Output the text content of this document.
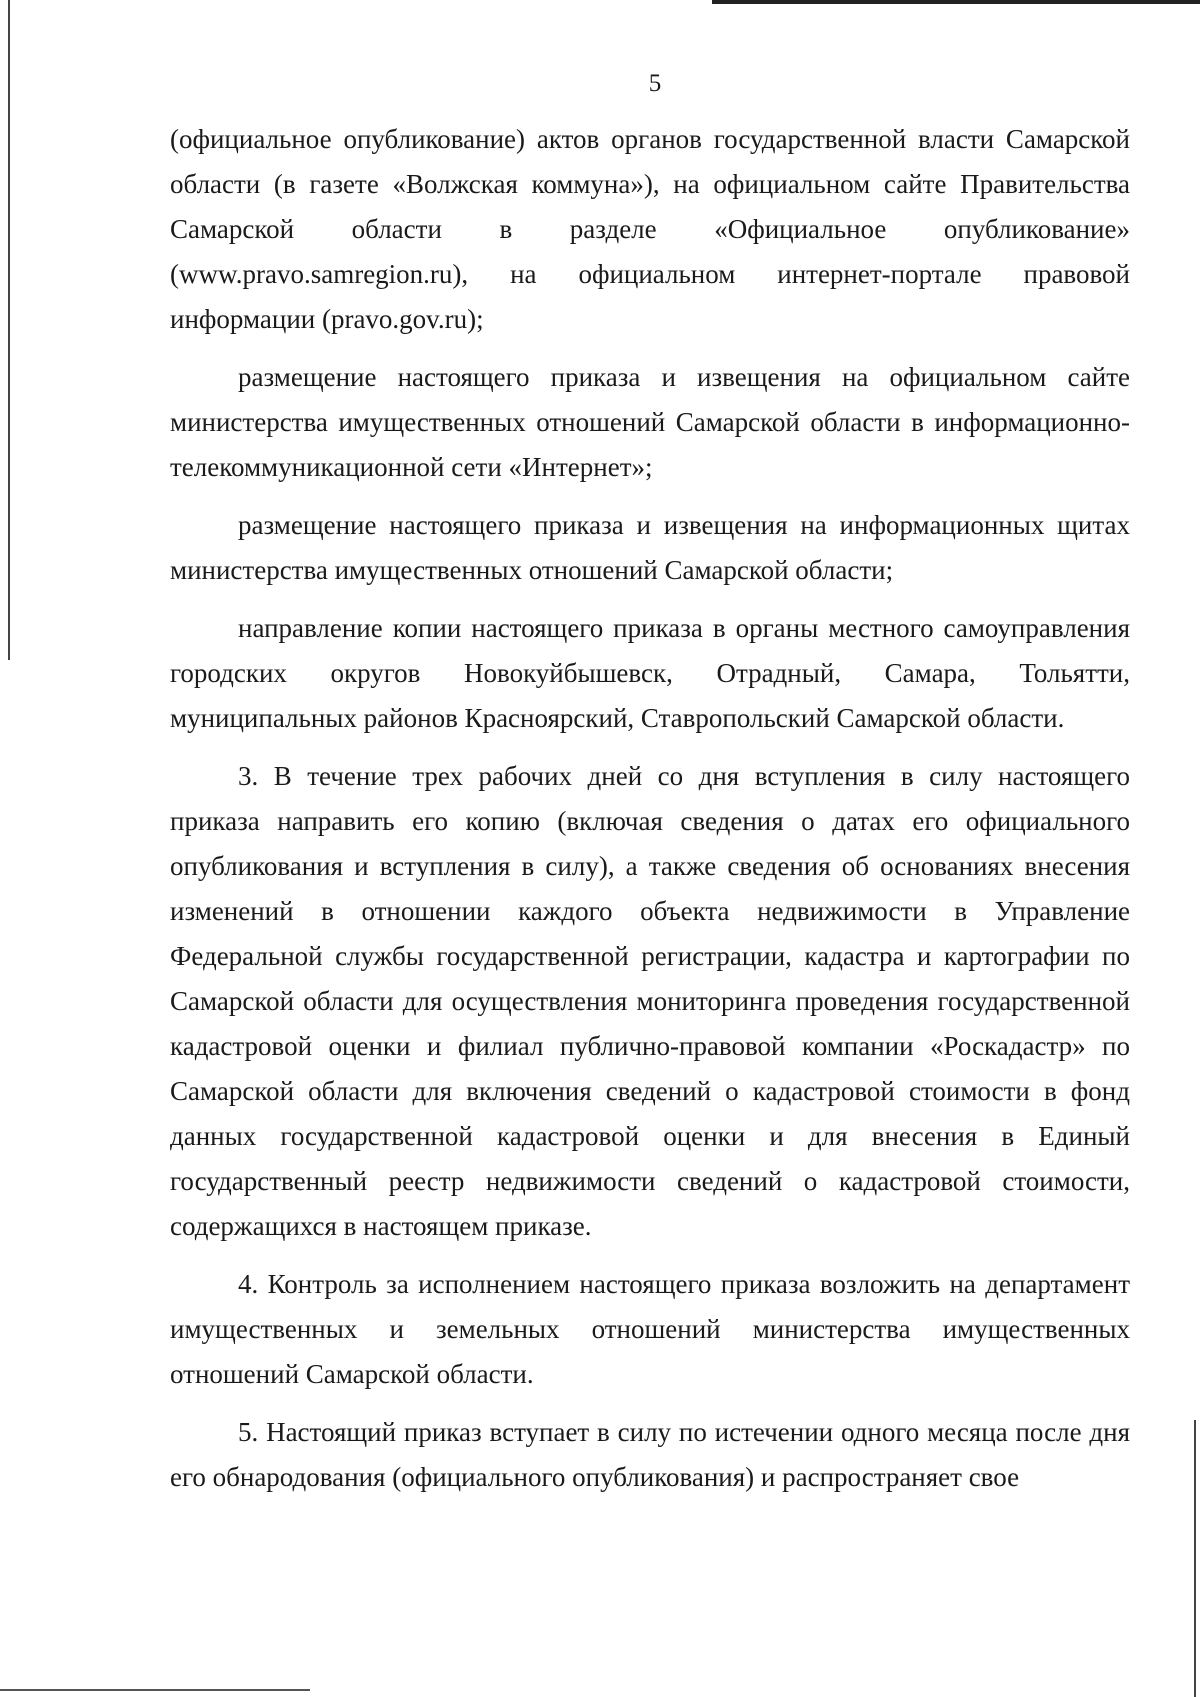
5

(официальное опубликование) актов органов государственной власти Самарской области (в газете «Волжская коммуна»), на официальном сайте Правительства Самарской области в разделе «Официальное опубликование» (www.pravo.samregion.ru), на официальном интернет-портале правовой информации (pravo.gov.ru);

размещение настоящего приказа и извещения на официальном сайте министерства имущественных отношений Самарской области в информационно-телекоммуникационной сети «Интернет»;

размещение настоящего приказа и извещения на информационных щитах министерства имущественных отношений Самарской области;

направление копии настоящего приказа в органы местного самоуправления городских округов Новокуйбышевск, Отрадный, Самара, Тольятти, муниципальных районов Красноярский, Ставропольский Самарской области.

3. В течение трех рабочих дней со дня вступления в силу настоящего приказа направить его копию (включая сведения о датах его официального опубликования и вступления в силу), а также сведения об основаниях внесения изменений в отношении каждого объекта недвижимости в Управление Федеральной службы государственной регистрации, кадастра и картографии по Самарской области для осуществления мониторинга проведения государственной кадастровой оценки и филиал публично-правовой компании «Роскадастр» по Самарской области для включения сведений о кадастровой стоимости в фонд данных государственной кадастровой оценки и для внесения в Единый государственный реестр недвижимости сведений о кадастровой стоимости, содержащихся в настоящем приказе.

4. Контроль за исполнением настоящего приказа возложить на департамент имущественных и земельных отношений министерства имущественных отношений Самарской области.

5. Настоящий приказ вступает в силу по истечении одного месяца после дня его обнародования (официального опубликования) и распространяет свое
